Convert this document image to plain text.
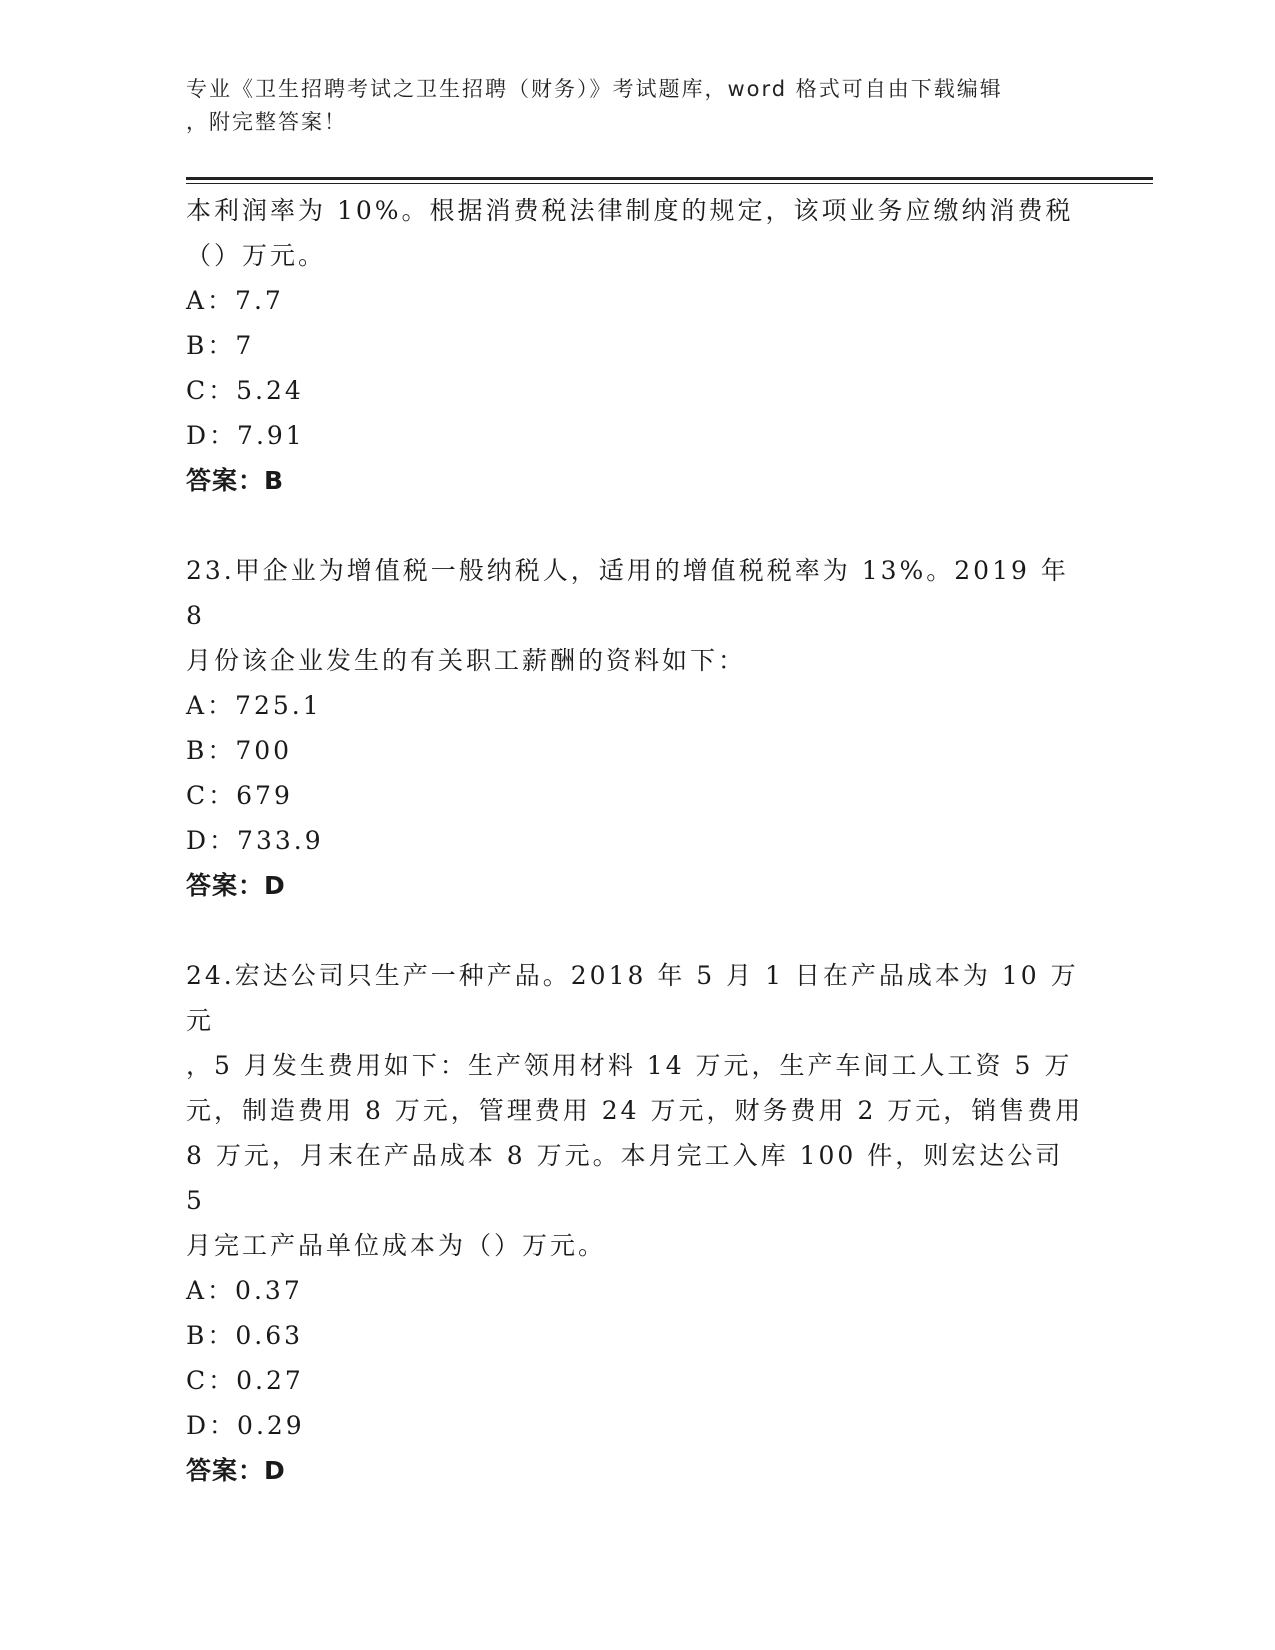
专业《卫生招聘考试之卫生招聘（财务）》考试题库，word 格式可自由下载编辑

，附完整答案！

本利润率为 10%。根据消费税法律制度的规定，该项业务应缴纳消费税

（）万元。

A：7.7

B：7

C：5.24

D：7.91

答案：B

23.甲企业为增值税一般纳税人，适用的增值税税率为 13%。2019 年 8

月份该企业发生的有关职工薪酬的资料如下：

A：725.1

B：700

C：679

D：733.9

答案：D

24.宏达公司只生产一种产品。2018 年 5 月 1 日在产品成本为 10 万元

，5 月发生费用如下：生产领用材料 14 万元，生产车间工人工资 5 万

元，制造费用 8 万元，管理费用 24 万元，财务费用 2 万元，销售费用

8 万元，月末在产品成本 8 万元。本月完工入库 100 件，则宏达公司 5

月完工产品单位成本为（）万元。

A：0.37

B：0.63

C：0.27

D：0.29

答案：D
